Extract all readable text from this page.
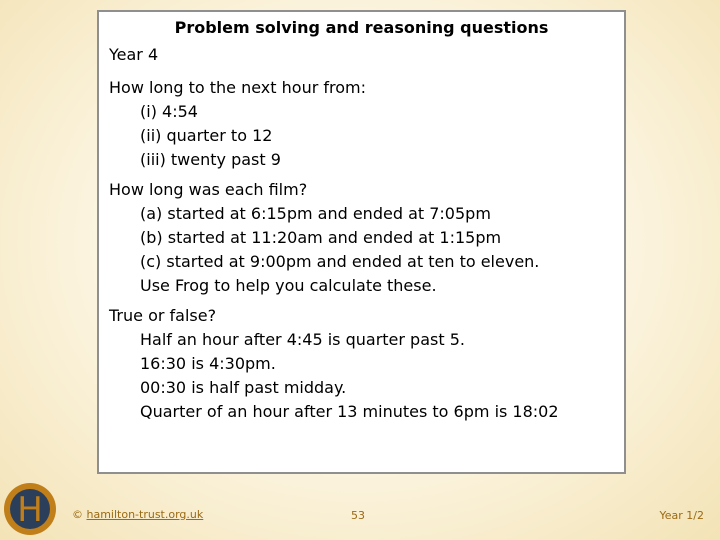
Problem solving and reasoning questions
Year 4
How long to the next hour from:
(i) 4:54
(ii) quarter to 12
(iii) twenty past 9
How long was each film?
(a) started at 6:15pm and ended at 7:05pm
(b) started at 11:20am and ended at 1:15pm
(c) started at 9:00pm and ended at ten to eleven.
Use Frog to help you calculate these.
True or false?
Half an hour after 4:45 is quarter past 5.
16:30 is 4:30pm.
00:30 is half past midday.
Quarter of an hour after 13 minutes to 6pm is 18:02
H	© hamilton-trust.org.uk	53	Year 1/2
